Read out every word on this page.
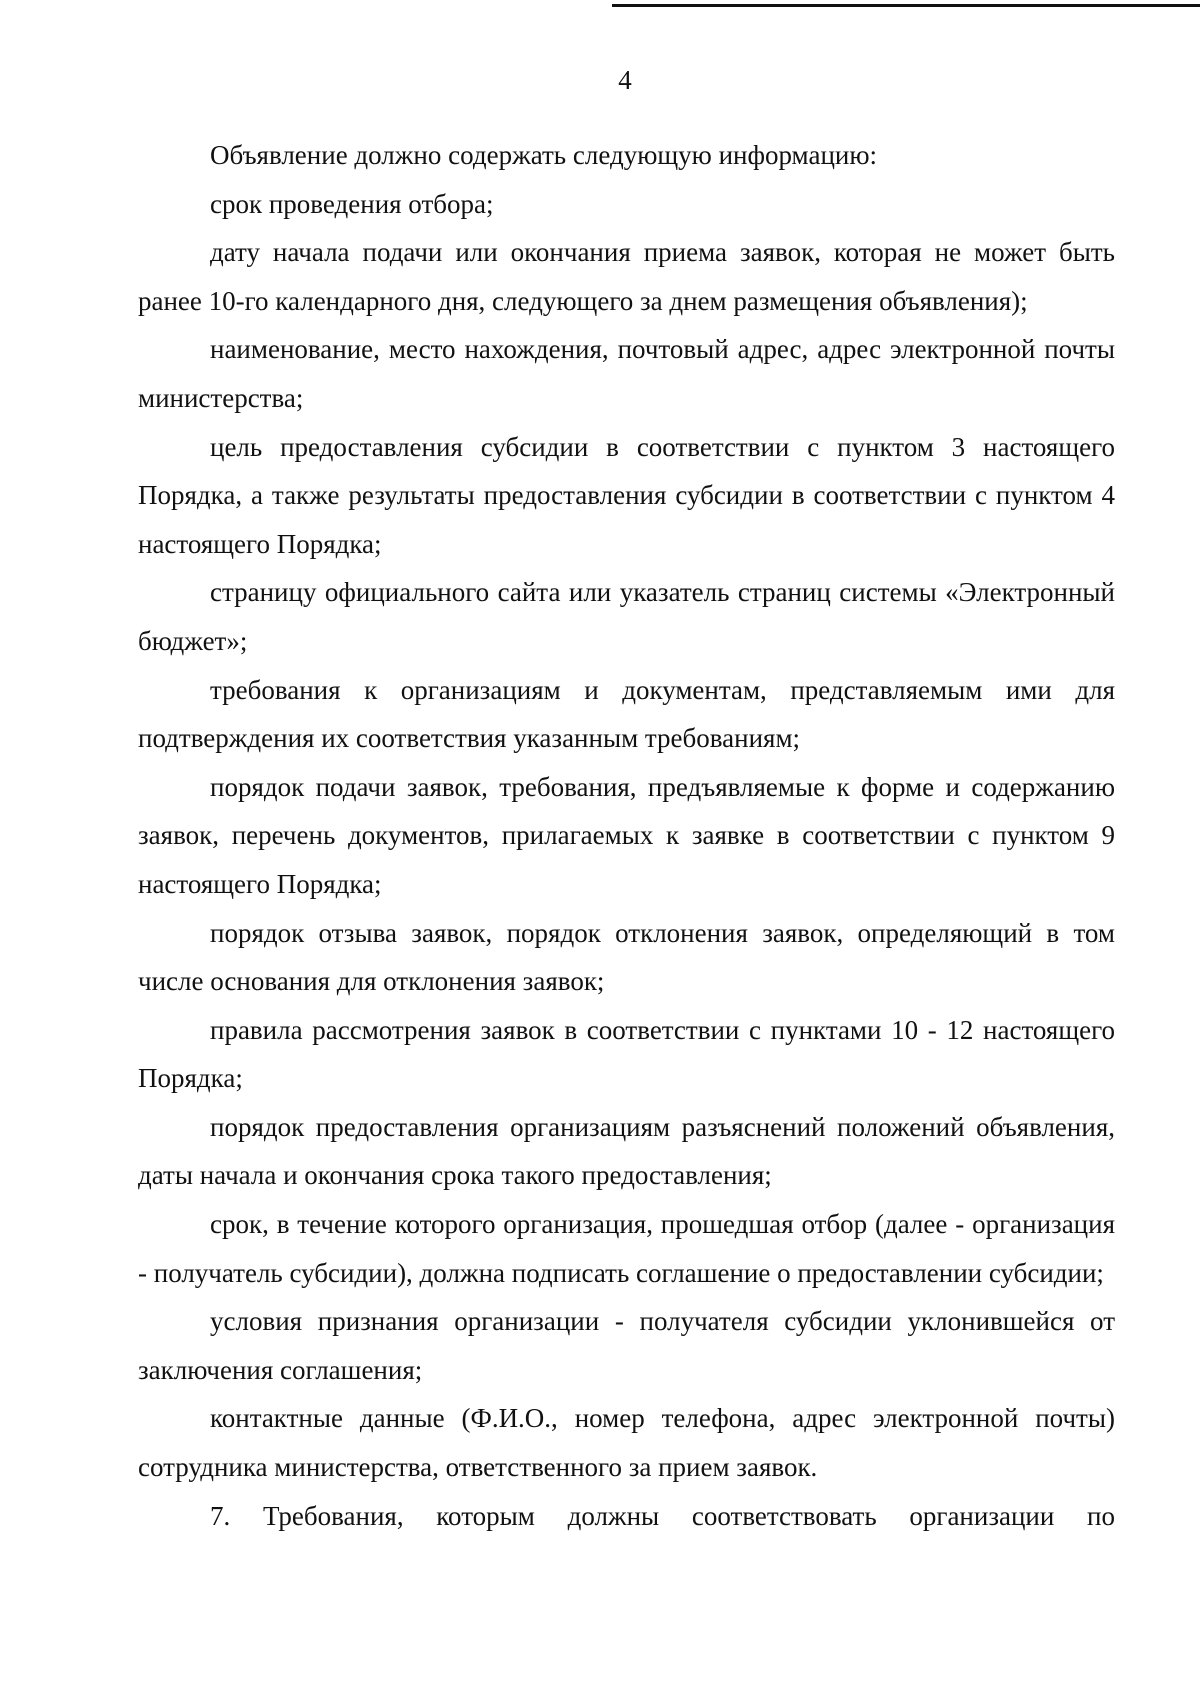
4

Объявление должно содержать следующую информацию:

срок проведения отбора;

дату начала подачи или окончания приема заявок, которая не может быть ранее 10-го календарного дня, следующего за днем размещения объявления);

наименование, место нахождения, почтовый адрес, адрес электронной почты министерства;

цель предоставления субсидии в соответствии с пунктом 3 настоящего Порядка, а также результаты предоставления субсидии в соответствии с пунктом 4 настоящего Порядка;

страницу официального сайта или указатель страниц системы «Электронный бюджет»;

требования к организациям и документам, представляемым ими для подтверждения их соответствия указанным требованиям;

порядок подачи заявок, требования, предъявляемые к форме и содержанию заявок, перечень документов, прилагаемых к заявке в соответствии с пунктом 9 настоящего Порядка;

порядок отзыва заявок, порядок отклонения заявок, определяющий в том числе основания для отклонения заявок;

правила рассмотрения заявок в соответствии с пунктами 10 - 12 настоящего Порядка;

порядок предоставления организациям разъяснений положений объявления, даты начала и окончания срока такого предоставления;

срок, в течение которого организация, прошедшая отбор (далее - организация - получатель субсидии), должна подписать соглашение о предоставлении субсидии;

условия признания организации - получателя субсидии уклонившейся от заключения соглашения;

контактные данные (Ф.И.О., номер телефона, адрес электронной почты) сотрудника министерства, ответственного за прием заявок.

7. Требования, которым должны соответствовать организации по
